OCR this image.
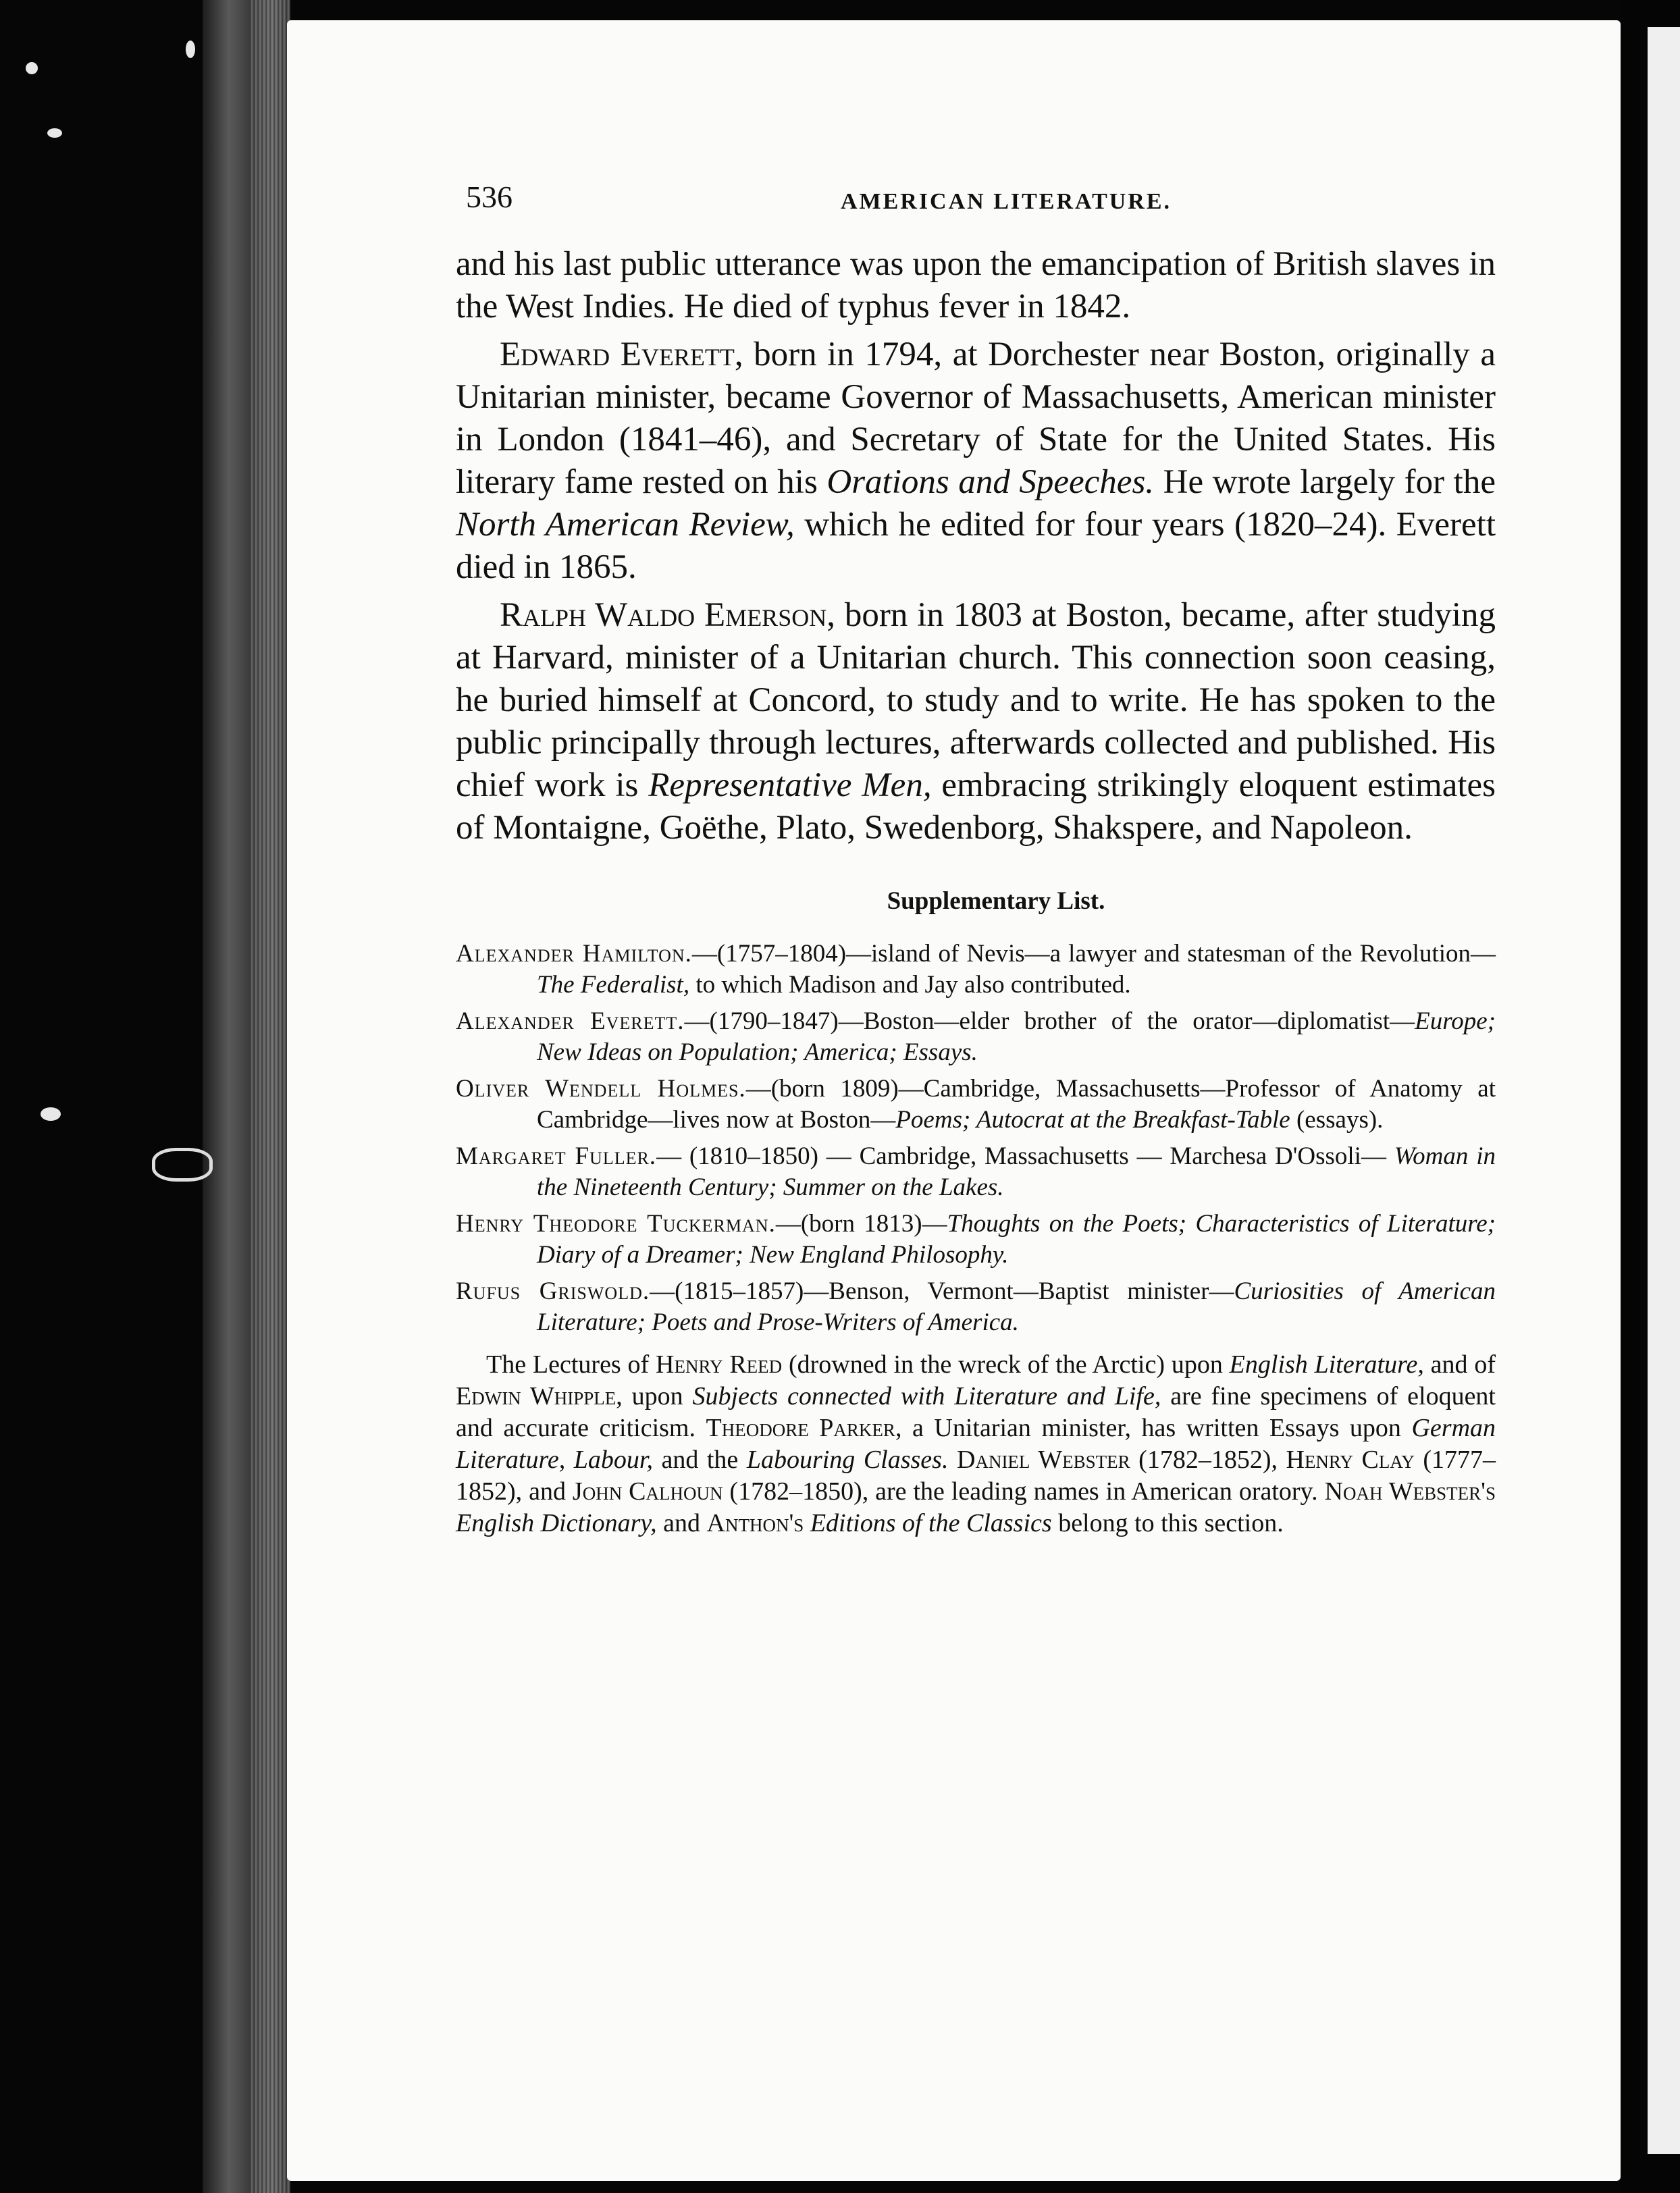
536	AMERICAN LITERATURE.

and his last public utterance was upon the emancipation of British slaves in the West Indies. He died of typhus fever in 1842.

Edward Everett, born in 1794, at Dorchester near Boston, originally a Unitarian minister, became Governor of Massachusetts, American minister in London (1841–46), and Secretary of State for the United States. His literary fame rested on his Orations and Speeches. He wrote largely for the North American Review, which he edited for four years (1820–24). Everett died in 1865.

Ralph Waldo Emerson, born in 1803 at Boston, became, after studying at Harvard, minister of a Unitarian church. This connection soon ceasing, he buried himself at Concord, to study and to write. He has spoken to the public principally through lectures, afterwards collected and published. His chief work is Representative Men, embracing strikingly eloquent estimates of Montaigne, Goëthe, Plato, Swedenborg, Shakspere, and Napoleon.

Supplementary List.

Alexander Hamilton.—(1757–1804)—island of Nevis—a lawyer and statesman of the Revolution—The Federalist, to which Madison and Jay also contributed.

Alexander Everett.—(1790–1847)—Boston—elder brother of the orator—diplomatist—Europe; New Ideas on Population; America; Essays.

Oliver Wendell Holmes.—(born 1809)—Cambridge, Massachusetts—Professor of Anatomy at Cambridge—lives now at Boston—Poems; Autocrat at the Breakfast-Table (essays).

Margaret Fuller.— (1810–1850) — Cambridge, Massachusetts — Marchesa D'Ossoli— Woman in the Nineteenth Century; Summer on the Lakes.

Henry Theodore Tuckerman.—(born 1813)—Thoughts on the Poets; Characteristics of Literature; Diary of a Dreamer; New England Philosophy.

Rufus Griswold.—(1815–1857)—Benson, Vermont—Baptist minister—Curiosities of American Literature; Poets and Prose-Writers of America.

The Lectures of Henry Reed (drowned in the wreck of the Arctic) upon English Literature, and of Edwin Whipple, upon Subjects connected with Literature and Life, are fine specimens of eloquent and accurate criticism. Theodore Parker, a Unitarian minister, has written Essays upon German Literature, Labour, and the Labouring Classes. Daniel Webster (1782–1852), Henry Clay (1777–1852), and John Calhoun (1782–1850), are the leading names in American oratory. Noah Webster's English Dictionary, and Anthon's Editions of the Classics belong to this section.
